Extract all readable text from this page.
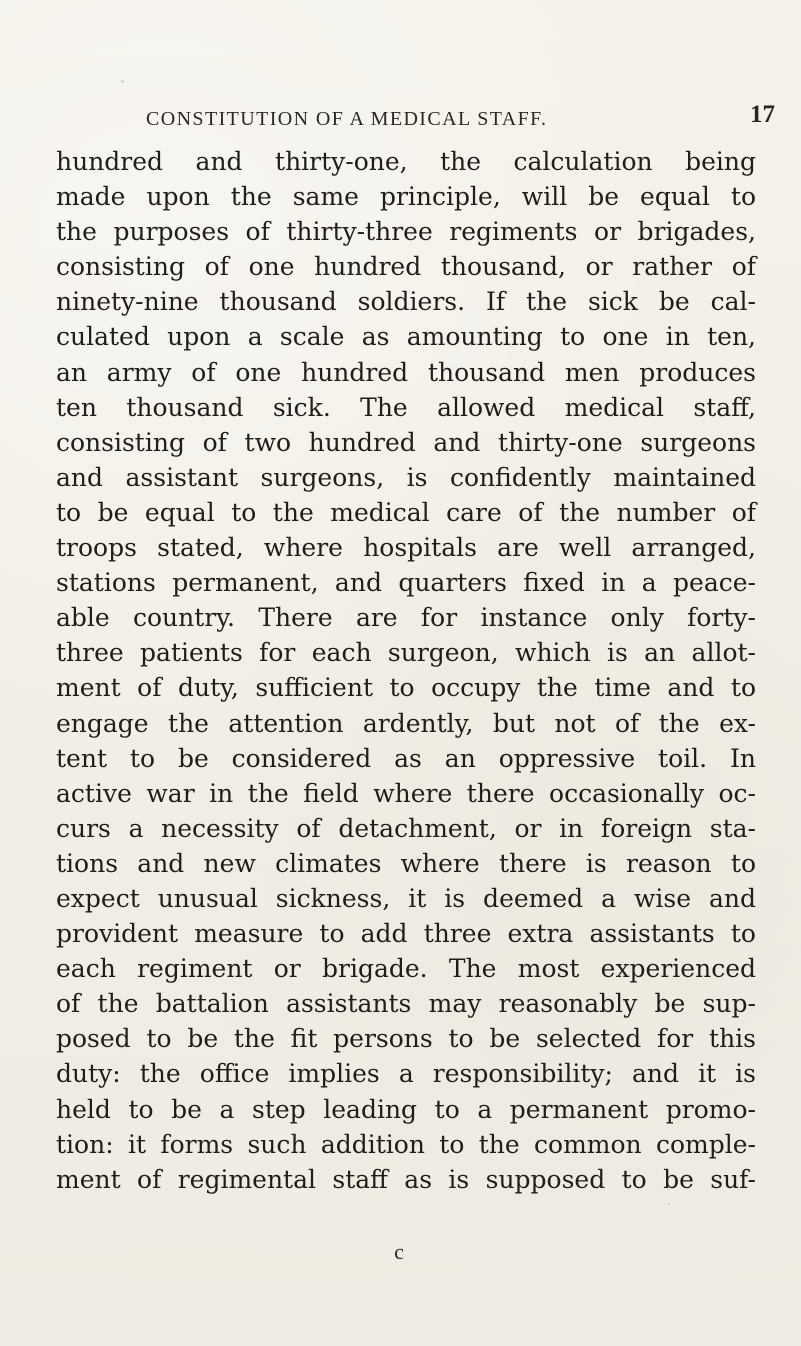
CONSTITUTION OF A MEDICAL STAFF.	17
hundred and thirty-one, the calculation being
made upon the same principle, will be equal to
the purposes of thirty-three regiments or brigades,
consisting of one hundred thousand, or rather of
ninety-nine thousand soldiers. If the sick be cal-
culated upon a scale as amounting to one in ten,
an army of one hundred thousand men produces
ten thousand sick. The allowed medical staff,
consisting of two hundred and thirty-one surgeons
and assistant surgeons, is confidently maintained
to be equal to the medical care of the number of
troops stated, where hospitals are well arranged,
stations permanent, and quarters fixed in a peace-
able country. There are for instance only forty-
three patients for each surgeon, which is an allot-
ment of duty, sufficient to occupy the time and to
engage the attention ardently, but not of the ex-
tent to be considered as an oppressive toil. In
active war in the field where there occasionally oc-
curs a necessity of detachment, or in foreign sta-
tions and new climates where there is reason to
expect unusual sickness, it is deemed a wise and
provident measure to add three extra assistants to
each regiment or brigade. The most experienced
of the battalion assistants may reasonably be sup-
posed to be the fit persons to be selected for this
duty: the office implies a responsibility; and it is
held to be a step leading to a permanent promo-
tion: it forms such addition to the common comple-
ment of regimental staff as is supposed to be suf-
c
